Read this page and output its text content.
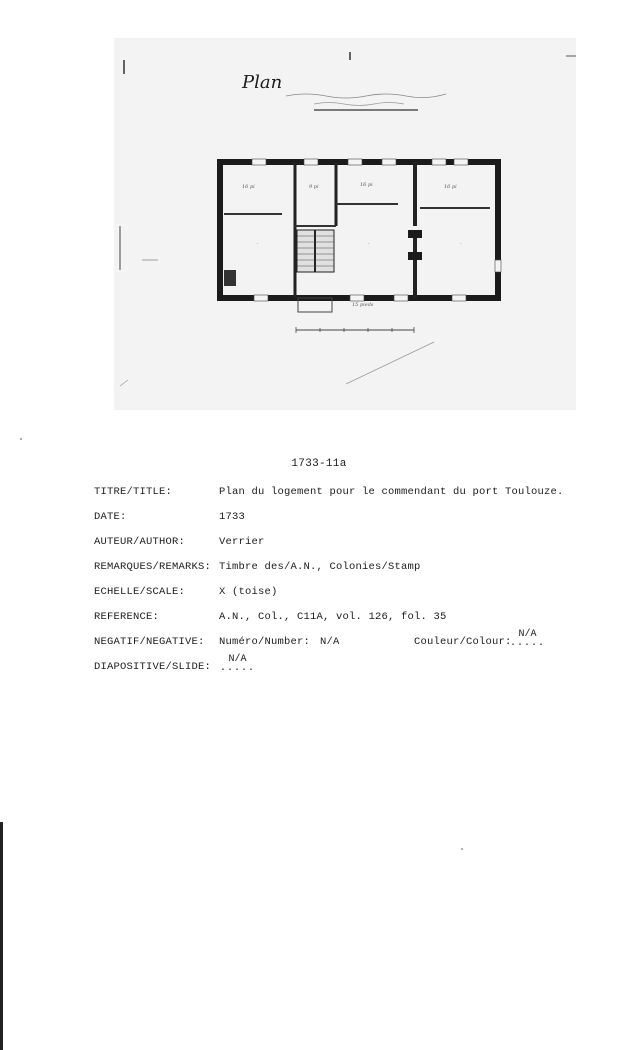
16 pi	9 pi	16 pi	16 pi
.	.	.
15 pieds
Plan
1733-11a
TITRE/TITLE:	Plan du logement pour le commendant du port Toulouze.
DATE:	1733
AUTEUR/AUTHOR:	Verrier
REMARQUES/REMARKS: Timbre des/A.N., Colonies/Stamp
ECHELLE/SCALE:	X (toise)
REFERENCE:	A.N., Col., C11A, vol. 126, fol. 35
NEGATIF/NEGATIVE: Numéro/Number: N/A	Couleur/Colour:
N/A
.....
DIAPOSITIVE/SLIDE:
N/A
.....
